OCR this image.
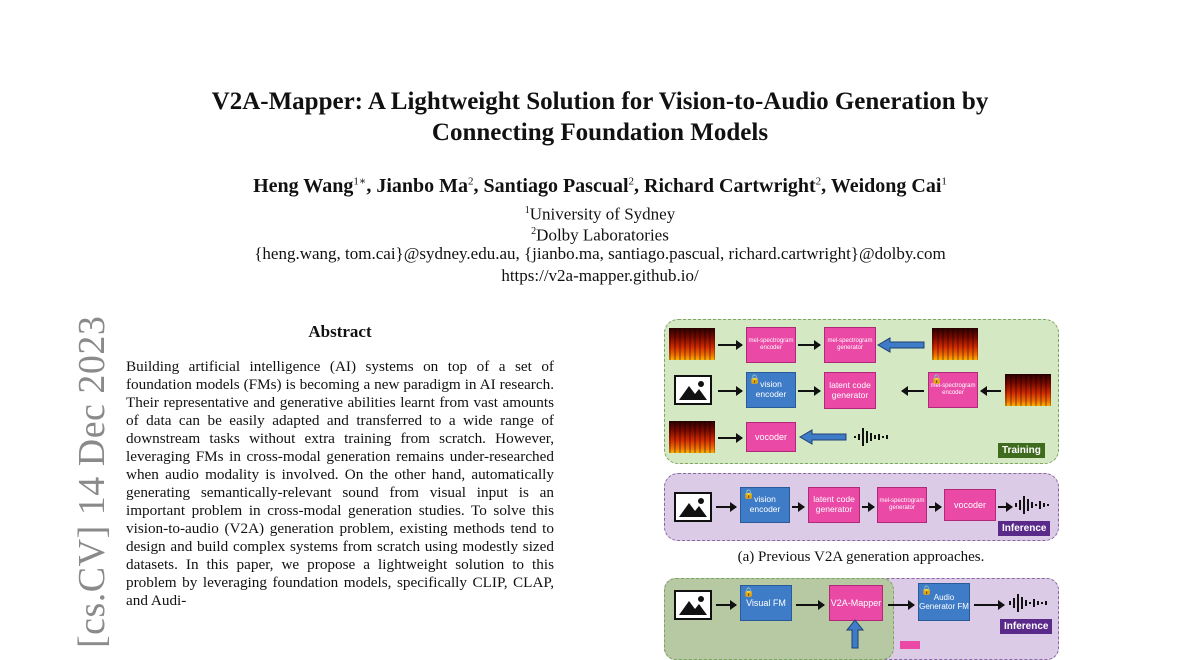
[cs.CV] 14 Dec 2023
V2A-Mapper: A Lightweight Solution for Vision-to-Audio Generation by
Connecting Foundation Models
Heng Wang$^{1∗}$, Jianbo Ma$^2$, Santiago Pascual$^2$, Richard Cartwright$^2$, Weidong Cai$^1$
$^1$University of Sydney
$^2$Dolby Laboratories
{heng.wang, tom.cai}@sydney.edu.au, {jianbo.ma, santiago.pascual, richard.cartwright}@dolby.com
https://v2a-mapper.github.io/
Abstract
Building artificial intelligence (AI) systems on top of a set of foundation models (FMs) is becoming a new paradigm in AI research. Their representative and generative abilities learnt from vast amounts of data can be easily adapted and transferred to a wide range of downstream tasks without extra training from scratch. However, leveraging FMs in cross-modal generation remains under-researched when audio modality is involved. On the other hand, automatically generating semantically-relevant sound from visual input is an important problem in cross-modal generation studies. To solve this vision-to-audio (V2A) generation problem, existing methods tend to design and build complex systems from scratch using modestly sized datasets. In this paper, we propose a lightweight solution to this problem by leveraging foundation models, specifically CLIP, CLAP, and Audi-
mel-spectrogram encoder
mel-spectrogram generator
🔒
vision encoder
latent code generator
🔒
mel-spectrogram encoder
vocoder
Training
🔒
vision encoder
latent code generator
mel-spectrogram generator	vocoder
Inference
(a) Previous V2A generation approaches.
🔒
Visual FM	V2A-Mapper
🔒
Audio Generator FM
Inference
